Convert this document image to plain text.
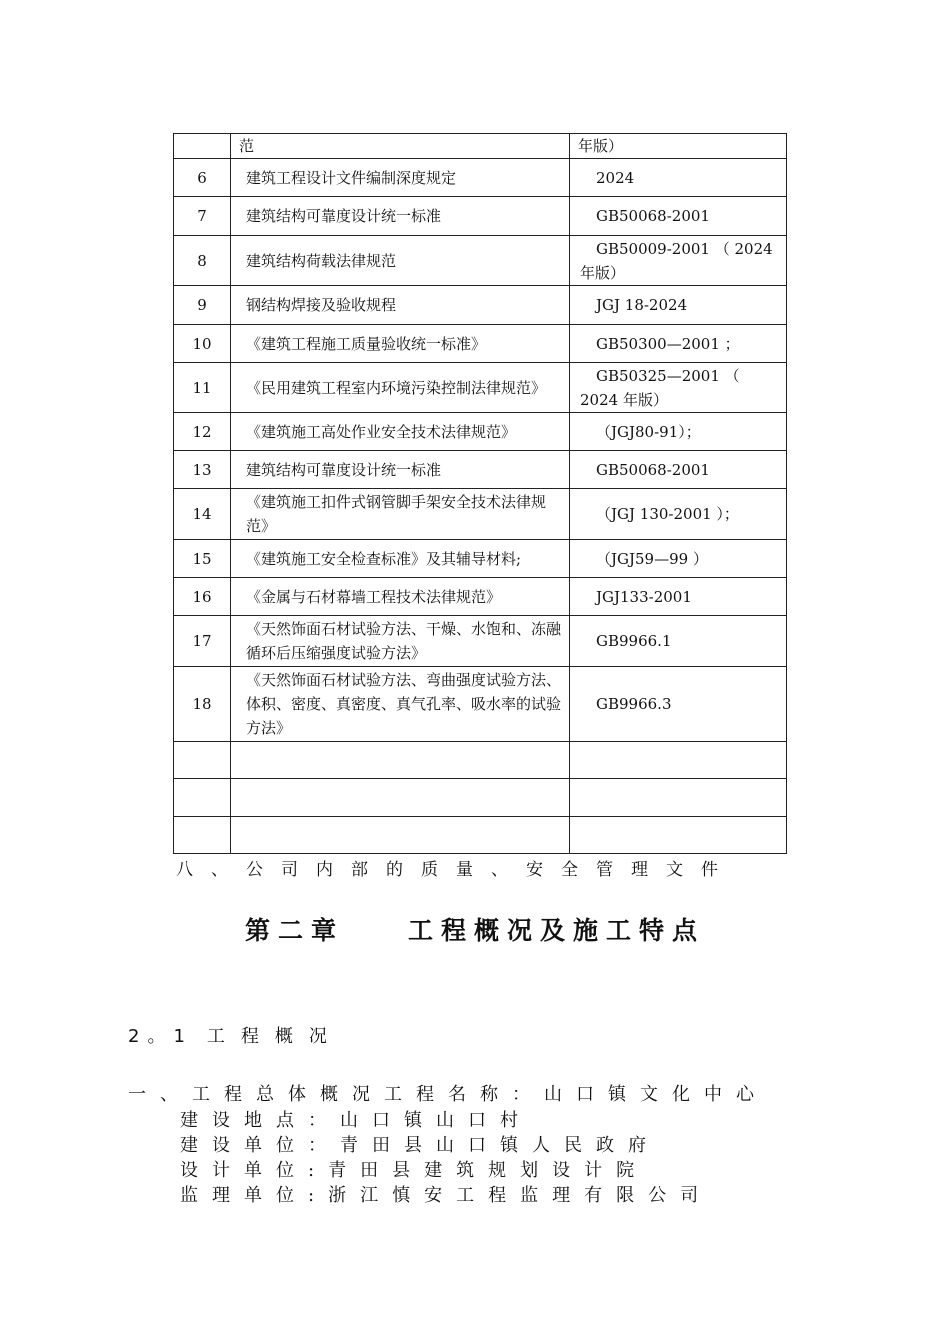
	范	年版）
6	建筑工程设计文件编制深度规定	2024
7	建筑结构可靠度设计统一标准	GB50068-2001
8	建筑结构荷载法律规范	GB50009-2001 （ 2024 年版）
9	钢结构焊接及验收规程	JGJ 18-2024
10	《建筑工程施工质量验收统一标准》	GB50300—2001 ；
11	《民用建筑工程室内环境污染控制法律规范》	GB50325—2001 （ 2024 年版）
12	《建筑施工高处作业安全技术法律规范》	（JGJ80-91）；
13	建筑结构可靠度设计统一标准	GB50068-2001
14	《建筑施工扣件式钢管脚手架安全技术法律规范》	（JGJ 130-2001 ）；
15	《建筑施工安全检查标准》及其辅导材料;	（JGJ59—99 ）
16	《金属与石材幕墙工程技术法律规范》	JGJ133-2001
17	《天然饰面石材试验方法、干燥、水饱和、冻融循环后压缩强度试验方法》	GB9966.1
18	《天然饰面石材试验方法、弯曲强度试验方法、体积、密度、真密度、真气孔率、吸水率的试验方法》	GB9966.3

八、公司内部的质量、安全管理文件
第二章	工程概况及施工特点
2。1 工程概况
一、工程总体概况工程名称：山口镇文化中心
建设地点：山口镇山口村
建设单位：青田县山口镇人民政府
设计单位:青田县建筑规划设计院
监理单位:浙江慎安工程监理有限公司
